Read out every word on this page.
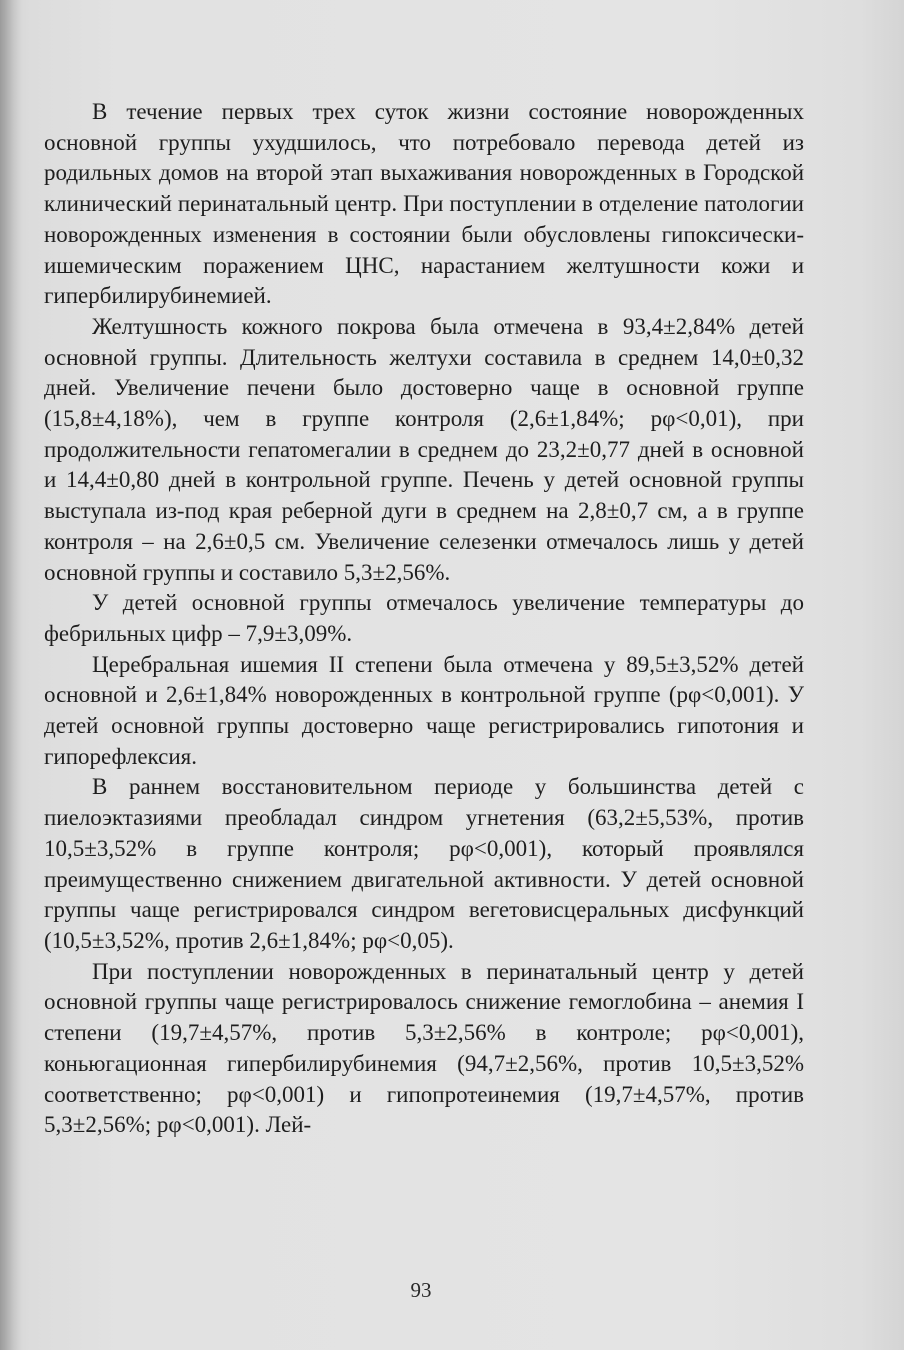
В течение первых трех суток жизни состояние новорожденных основной группы ухудшилось, что потребовало перевода детей из родильных домов на второй этап выхаживания новорожденных в Городской клинический перинатальный центр. При поступлении в отделение патологии новорожденных изменения в состоянии были обусловлены гипоксически-ишемическим поражением ЦНС, нарастанием желтушности кожи и гипербилирубинемией.

Желтушность кожного покрова была отмечена в 93,4±2,84% детей основной группы. Длительность желтухи составила в среднем 14,0±0,32 дней. Увеличение печени было достоверно чаще в основной группе (15,8±4,18%), чем в группе контроля (2,6±1,84%; pφ<0,01), при продолжительности гепатомегалии в среднем до 23,2±0,77 дней в основной и 14,4±0,80 дней в контрольной группе. Печень у детей основной группы выступала из-под края реберной дуги в среднем на 2,8±0,7 см, а в группе контроля – на 2,6±0,5 см. Увеличение селезенки отмечалось лишь у детей основной группы и составило 5,3±2,56%.

У детей основной группы отмечалось увеличение температуры до фебрильных цифр – 7,9±3,09%.

Церебральная ишемия II степени была отмечена у 89,5±3,52% детей основной и 2,6±1,84% новорожденных в контрольной группе (pφ<0,001). У детей основной группы достоверно чаще регистрировались гипотония и гипорефлексия.

В раннем восстановительном периоде у большинства детей с пиелоэктазиями преобладал синдром угнетения (63,2±5,53%, против 10,5±3,52% в группе контроля; pφ<0,001), который проявлялся преимущественно снижением двигательной активности. У детей основной группы чаще регистрировался синдром вегетовисцеральных дисфункций (10,5±3,52%, против 2,6±1,84%; pφ<0,05).

При поступлении новорожденных в перинатальный центр у детей основной группы чаще регистрировалось снижение гемоглобина – анемия I степени (19,7±4,57%, против 5,3±2,56% в контроле; pφ<0,001), коньюгационная гипербилирубинемия (94,7±2,56%, против 10,5±3,52% соответственно; pφ<0,001) и гипопротеинемия (19,7±4,57%, против 5,3±2,56%; pφ<0,001). Лей-

93
